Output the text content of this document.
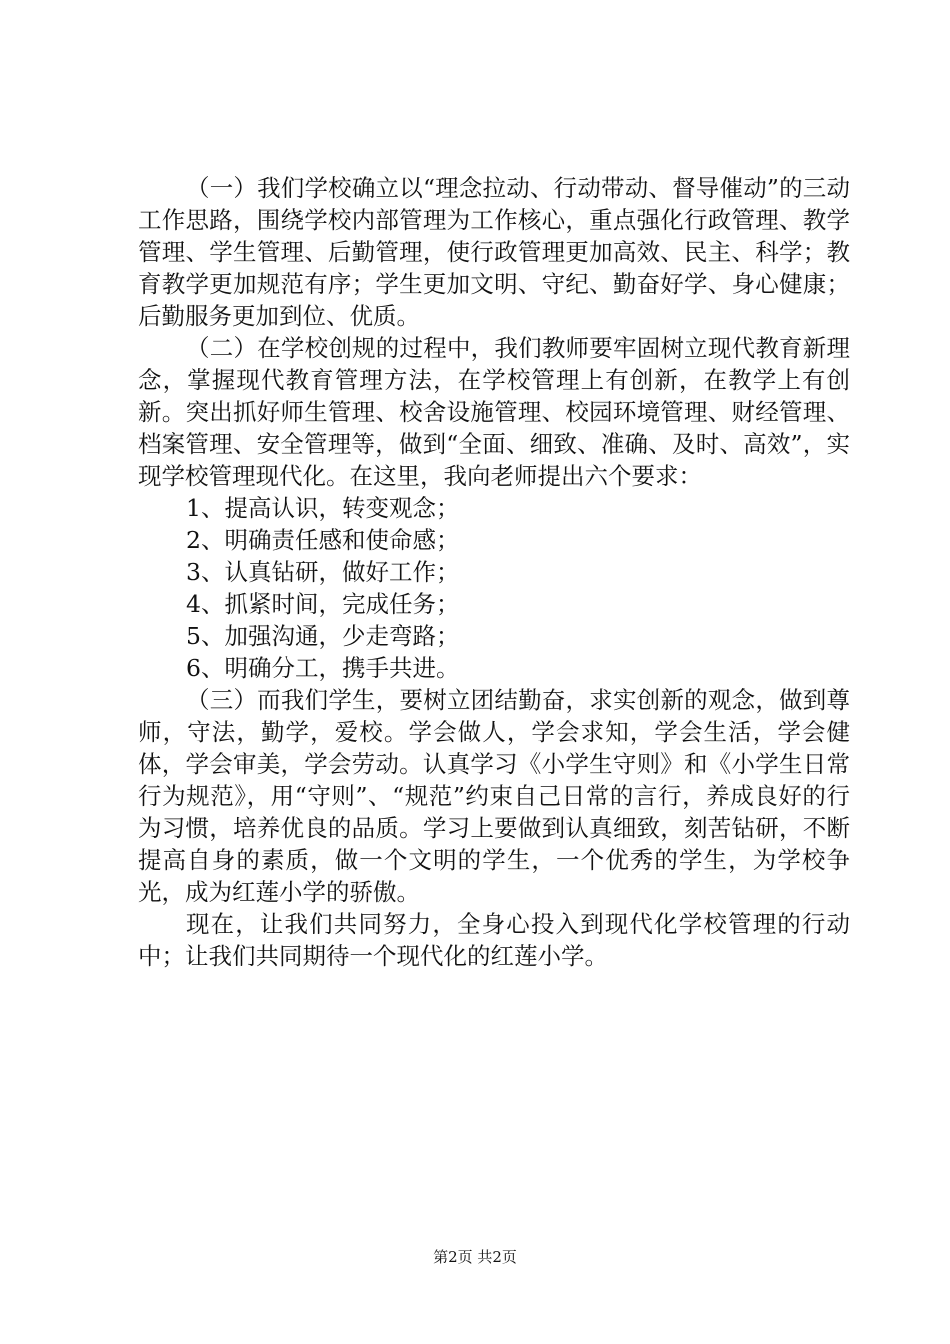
（一）我们学校确立以“理念拉动、行动带动、督导催动”的三动工作思路，围绕学校内部管理为工作核心，重点强化行政管理、教学管理、学生管理、后勤管理，使行政管理更加高效、民主、科学；教育教学更加规范有序；学生更加文明、守纪、勤奋好学、身心健康；后勤服务更加到位、优质。

（二）在学校创规的过程中，我们教师要牢固树立现代教育新理念，掌握现代教育管理方法，在学校管理上有创新，在教学上有创新。突出抓好师生管理、校舍设施管理、校园环境管理、财经管理、档案管理、安全管理等，做到“全面、细致、准确、及时、高效”，实现学校管理现代化。在这里，我向老师提出六个要求：

1、提高认识，转变观念；

2、明确责任感和使命感；

3、认真钻研，做好工作；

4、抓紧时间，完成任务；

5、加强沟通，少走弯路；

6、明确分工，携手共进。

（三）而我们学生，要树立团结勤奋，求实创新的观念，做到尊师，守法，勤学，爱校。学会做人，学会求知，学会生活，学会健体，学会审美，学会劳动。认真学习《小学生守则》和《小学生日常行为规范》，用“守则”、“规范”约束自己日常的言行，养成良好的行为习惯，培养优良的品质。学习上要做到认真细致，刻苦钻研，不断提高自身的素质，做一个文明的学生，一个优秀的学生，为学校争光，成为红莲小学的骄傲。

现在，让我们共同努力，全身心投入到现代化学校管理的行动中；让我们共同期待一个现代化的红莲小学。

第2页 共2页
